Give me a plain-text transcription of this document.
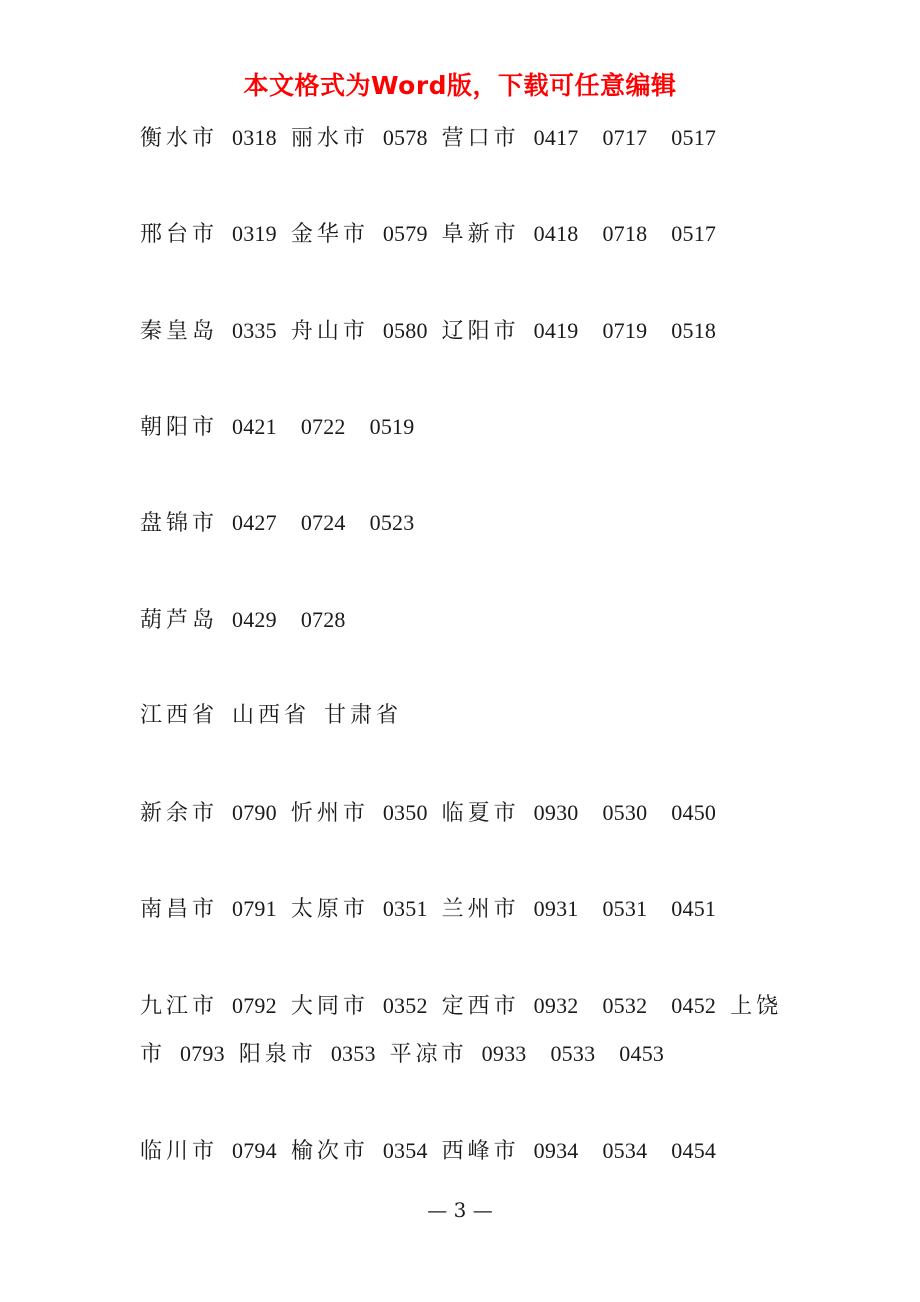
本文格式为Word版，下载可任意编辑
衡水市 0318 丽水市 0578 营口市 0417 0717 0517
邢台市 0319 金华市 0579 阜新市 0418 0718 0517
秦皇岛 0335 舟山市 0580 辽阳市 0419 0719 0518
朝阳市 0421 0722 0519
盘锦市 0427 0724 0523
葫芦岛 0429 0728
江西省 山西省 甘肃省
新余市 0790 忻州市 0350 临夏市 0930 0530 0450
南昌市 0791 太原市 0351 兰州市 0931 0531 0451
九江市 0792 大同市 0352 定西市 0932 0532 0452 上饶
市 0793 阳泉市 0353 平凉市 0933 0533 0453
临川市 0794 榆次市 0354 西峰市 0934 0534 0454
— 3 —
